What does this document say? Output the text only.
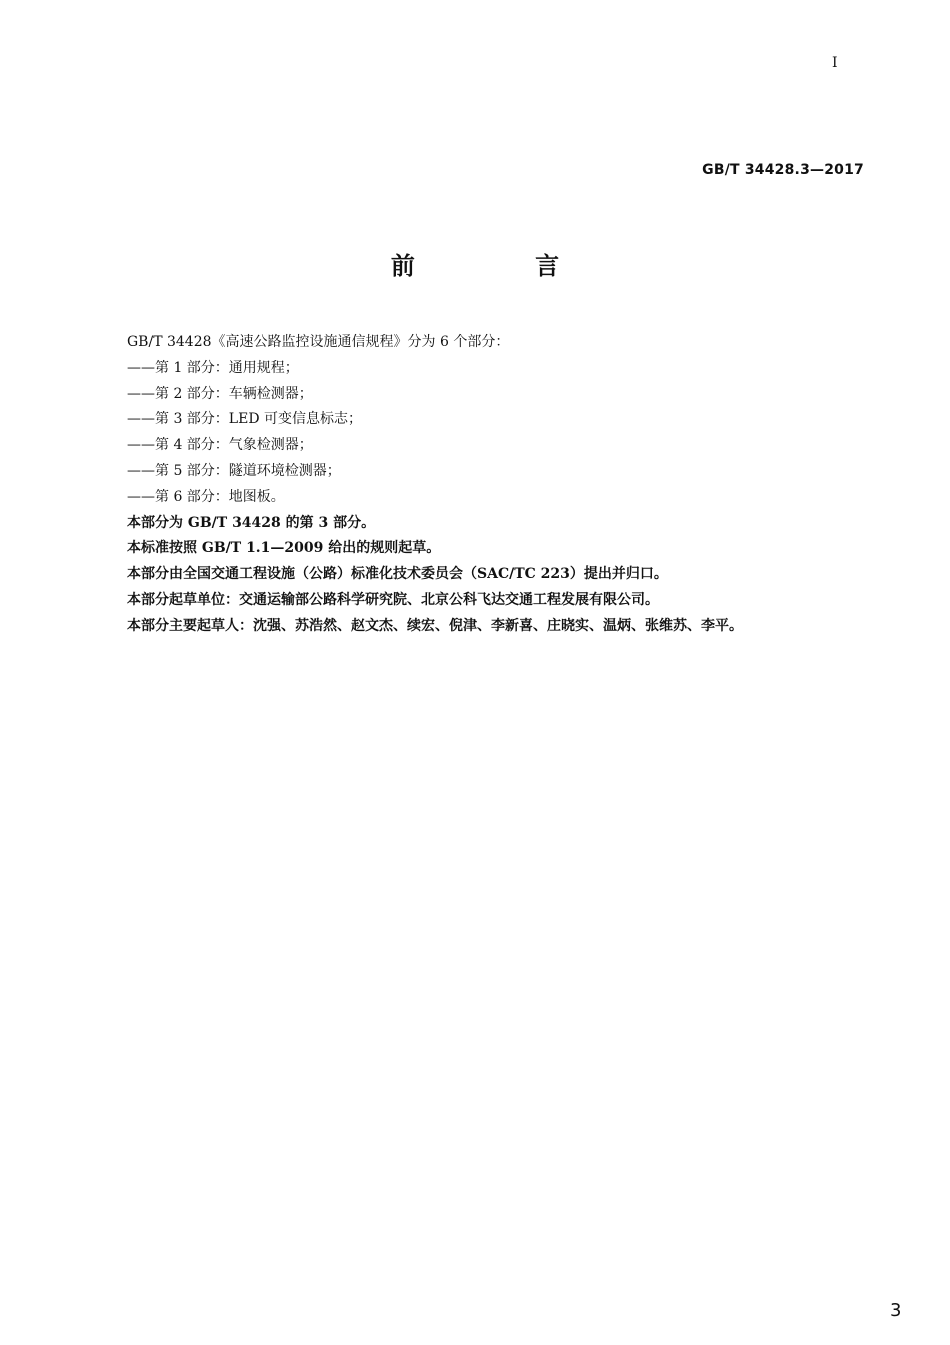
I
GB/T 34428.3—2017
前 言
GB/T 34428《高速公路监控设施通信规程》分为 6 个部分：
——第 1 部分：通用规程；
——第 2 部分：车辆检测器；
——第 3 部分：LED 可变信息标志；
——第 4 部分：气象检测器；
——第 5 部分：隧道环境检测器；
——第 6 部分：地图板。
本部分为 GB/T 34428 的第 3 部分。
本标准按照 GB/T 1.1—2009 给出的规则起草。
本部分由全国交通工程设施（公路）标准化技术委员会（SAC/TC 223）提出并归口。
本部分起草单位：交通运输部公路科学研究院、北京公科飞达交通工程发展有限公司。
本部分主要起草人：沈强、苏浩然、赵文杰、续宏、倪津、李新喜、庄晓实、温炳、张维苏、李平。
3
